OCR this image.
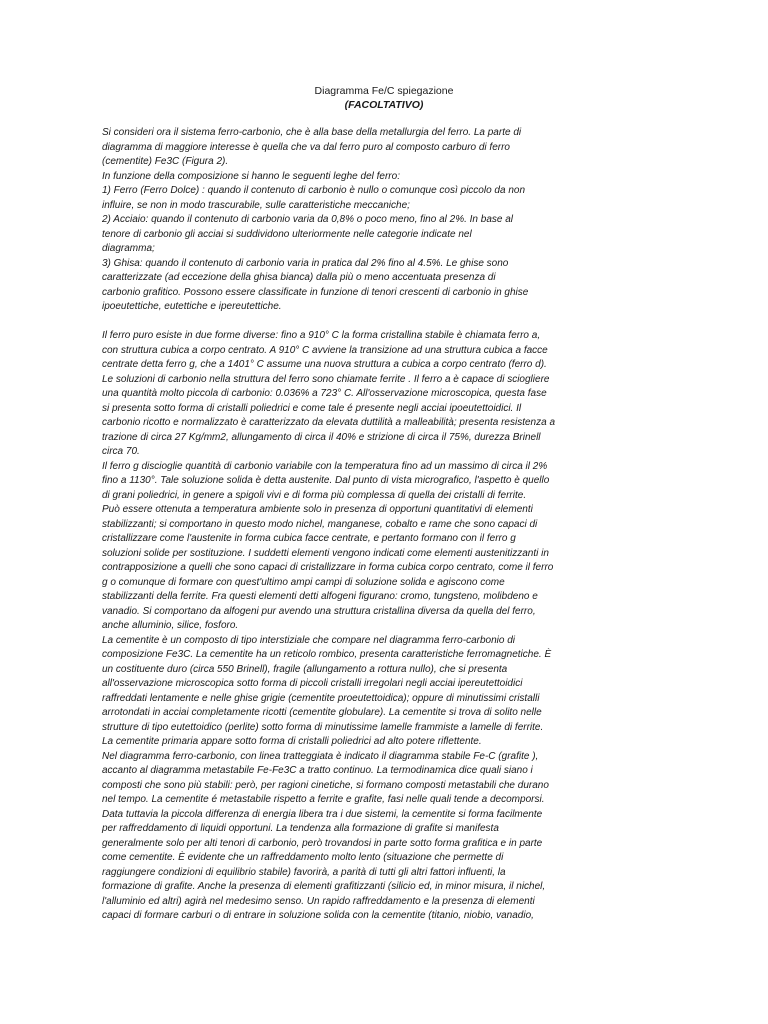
Diagramma Fe/C spiegazione
(FACOLTATIVO)
Si consideri ora il sistema ferro-carbonio, che è alla base della metallurgia del ferro. La parte di
diagramma di maggiore interesse è quella che va dal ferro puro al composto carburo di ferro
(cementite) Fe3C (Figura 2).
In funzione della composizione si hanno le seguenti leghe del ferro:
1) Ferro (Ferro Dolce) : quando il contenuto di carbonio è nullo o comunque così piccolo da non
influire, se non in modo trascurabile, sulle caratteristiche meccaniche;
2) Acciaio: quando il contenuto di carbonio varia da 0,8% o poco meno, fino al 2%. In base al
tenore di carbonio gli acciai si suddividono ulteriormente nelle categorie indicate nel
diagramma;
3) Ghisa: quando il contenuto di carbonio varia in pratica dal 2% fino al 4.5%. Le ghise sono
caratterizzate (ad eccezione della ghisa bianca) dalla più o meno accentuata presenza di
carbonio grafitico. Possono essere classificate in funzione di tenori crescenti di carbonio in ghise
ipoeutettiche, eutettiche e ipereutettiche.
Il ferro puro esiste in due forme diverse: fino a 910° C la forma cristallina stabile è chiamata ferro a,
con struttura cubica a corpo centrato. A 910° C avviene la transizione ad una struttura cubica a facce
centrate detta ferro g, che a 1401° C assume una nuova struttura a cubica a corpo centrato (ferro d).
Le soluzioni di carbonio nella struttura del ferro sono chiamate ferrite . Il ferro a è capace di sciogliere
una quantità molto piccola di carbonio: 0.036% a 723° C. All'osservazione microscopica, questa fase
si presenta sotto forma di cristalli poliedrici e come tale é presente negli acciai ipoeutettoidici. Il
carbonio ricotto e normalizzato è caratterizzato da elevata duttilità a malleabilità; presenta resistenza a
trazione di circa 27 Kg/mm2, allungamento di circa il 40% e strizione di circa il 75%, durezza Brinell
circa 70.
Il ferro g discioglie quantità di carbonio variabile con la temperatura fino ad un massimo di circa il 2%
fino a 1130°. Tale soluzione solida è detta austenite. Dal punto di vista micrografico, l'aspetto è quello
di grani poliedrici, in genere a spigoli vivi e di forma più complessa di quella dei cristalli di ferrite.
Può essere ottenuta a temperatura ambiente solo in presenza di opportuni quantitativi di elementi
stabilizzanti; si comportano in questo modo nichel, manganese, cobalto e rame che sono capaci di
cristallizzare come l'austenite in forma cubica facce centrate, e pertanto formano con il ferro g
soluzioni solide per sostituzione. I suddetti elementi vengono indicati come elementi austenitizzanti in
contrapposizione a quelli che sono capaci di cristallizzare in forma cubica corpo centrato, come il ferro
g o comunque di formare con quest'ultimo ampi campi di soluzione solida e agiscono come
stabilizzanti della ferrite. Fra questi elementi detti alfogeni figurano: cromo, tungsteno, molibdeno e
vanadio. Si comportano da alfogeni pur avendo una struttura cristallina diversa da quella del ferro,
anche alluminio, silice, fosforo.
La cementite è un composto di tipo interstiziale che compare nel diagramma ferro-carbonio di
composizione Fe3C. La cementite ha un reticolo rombico, presenta caratteristiche ferromagnetiche. È
un costituente duro (circa 550 Brinell), fragile (allungamento a rottura nullo), che si presenta
all'osservazione microscopica sotto forma di piccoli cristalli irregolari negli acciai ipereutettoidici
raffreddati lentamente e nelle ghise grigie (cementite proeutettoidica); oppure di minutissimi cristalli
arrotondati in acciai completamente ricotti (cementite globulare). La cementite si trova di solito nelle
strutture di tipo eutettoidico (perlite) sotto forma di minutissime lamelle frammiste a lamelle di ferrite.
La cementite primaria appare sotto forma di cristalli poliedrici ad alto potere riflettente.
Nel diagramma ferro-carbonio, con linea tratteggiata è indicato il diagramma stabile Fe-C (grafite ),
accanto al diagramma metastabile Fe-Fe3C a tratto continuo. La termodinamica dice quali siano i
composti che sono più stabili: però, per ragioni cinetiche, si formano composti metastabili che durano
nel tempo. La cementite é metastabile rispetto a ferrite e grafite, fasi nelle quali tende a decomporsi.
Data tuttavia la piccola differenza di energia libera tra i due sistemi, la cementite si forma facilmente
per raffreddamento di liquidi opportuni. La tendenza alla formazione di grafite si manifesta
generalmente solo per alti tenori di carbonio, però trovandosi in parte sotto forma grafitica e in parte
come cementite. È evidente che un raffreddamento molto lento (situazione che permette di
raggiungere condizioni di equilibrio stabile) favorirà, a parità di tutti gli altri fattori influenti, la
formazione di grafite. Anche la presenza di elementi grafitizzanti (silicio ed, in minor misura, il nichel,
l'alluminio ed altri) agirà nel medesimo senso. Un rapido raffreddamento e la presenza di elementi
capaci di formare carburi o di entrare in soluzione solida con la cementite (titanio, niobio, vanadio,
